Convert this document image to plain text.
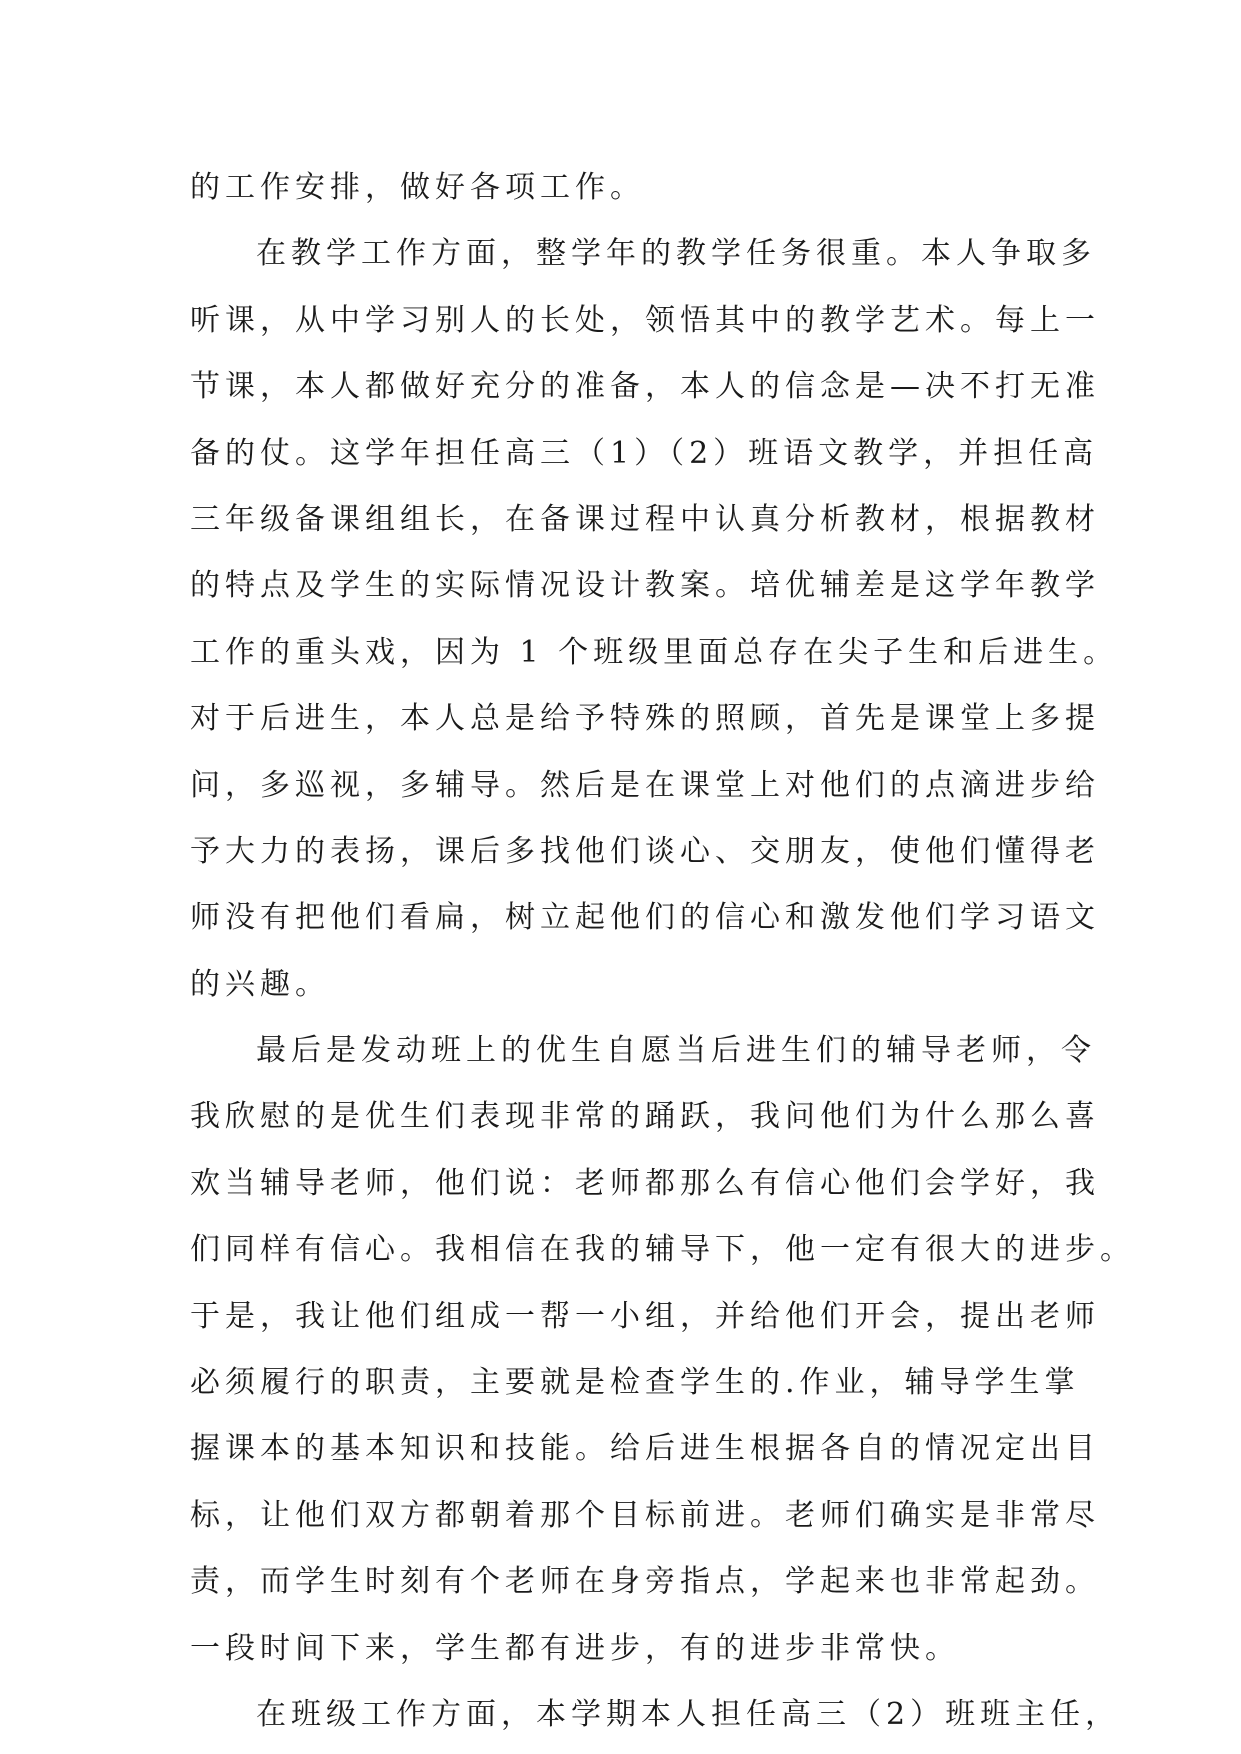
的工作安排，做好各项工作。
在教学工作方面，整学年的教学任务很重。本人争取多
听课，从中学习别人的长处，领悟其中的教学艺术。每上一
节课，本人都做好充分的准备，本人的信念是—决不打无准
备的仗。这学年担任高三（1）（2）班语文教学，并担任高
三年级备课组组长，在备课过程中认真分析教材，根据教材
的特点及学生的实际情况设计教案。培优辅差是这学年教学
工作的重头戏，因为 1 个班级里面总存在尖子生和后进生。
对于后进生，本人总是给予特殊的照顾，首先是课堂上多提
问，多巡视，多辅导。然后是在课堂上对他们的点滴进步给
予大力的表扬，课后多找他们谈心、交朋友，使他们懂得老
师没有把他们看扁，树立起他们的信心和激发他们学习语文
的兴趣。
最后是发动班上的优生自愿当后进生们的辅导老师，令
我欣慰的是优生们表现非常的踊跃，我问他们为什么那么喜
欢当辅导老师，他们说：老师都那么有信心他们会学好，我
们同样有信心。我相信在我的辅导下，他一定有很大的进步。
于是，我让他们组成一帮一小组，并给他们开会，提出老师
必须履行的职责，主要就是检查学生的.作业，辅导学生掌
握课本的基本知识和技能。给后进生根据各自的情况定出目
标，让他们双方都朝着那个目标前进。老师们确实是非常尽
责，而学生时刻有个老师在身旁指点，学起来也非常起劲。
一段时间下来，学生都有进步，有的进步非常快。
在班级工作方面，本学期本人担任高三（2）班班主任，
